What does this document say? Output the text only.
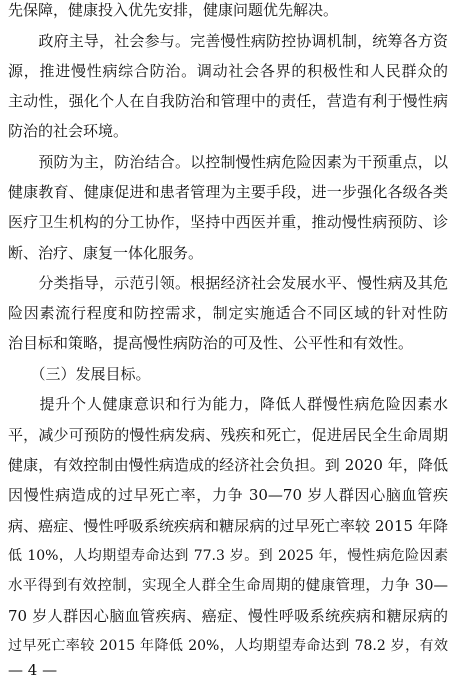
先保障，健康投入优先安排，健康问题优先解决。
　　政府主导，社会参与。完善慢性病防控协调机制，统筹各方资
源，推进慢性病综合防治。调动社会各界的积极性和人民群众的
主动性，强化个人在自我防治和管理中的责任，营造有利于慢性病
防治的社会环境。
　　预防为主，防治结合。以控制慢性病危险因素为干预重点，以
健康教育、健康促进和患者管理为主要手段，进一步强化各级各类
医疗卫生机构的分工协作，坚持中西医并重，推动慢性病预防、诊
断、治疗、康复一体化服务。
　　分类指导，示范引领。根据经济社会发展水平、慢性病及其危
险因素流行程度和防控需求，制定实施适合不同区域的针对性防
治目标和策略，提高慢性病防治的可及性、公平性和有效性。
　　（三）发展目标。
　　提升个人健康意识和行为能力，降低人群慢性病危险因素水
平，减少可预防的慢性病发病、残疾和死亡，促进居民全生命周期
健康，有效控制由慢性病造成的经济社会负担。到 2020 年，降低
因慢性病造成的过早死亡率，力争 30—70 岁人群因心脑血管疾
病、癌症、慢性呼吸系统疾病和糖尿病的过早死亡率较 2015 年降
低 10%，人均期望寿命达到 77.3 岁。到 2025 年，慢性病危险因素
水平得到有效控制，实现全人群全生命周期的健康管理，力争 30—
70 岁人群因心脑血管疾病、癌症、慢性呼吸系统疾病和糖尿病的
过早死亡率较 2015 年降低 20%，人均期望寿命达到 78.2 岁，有效
— 4 —
